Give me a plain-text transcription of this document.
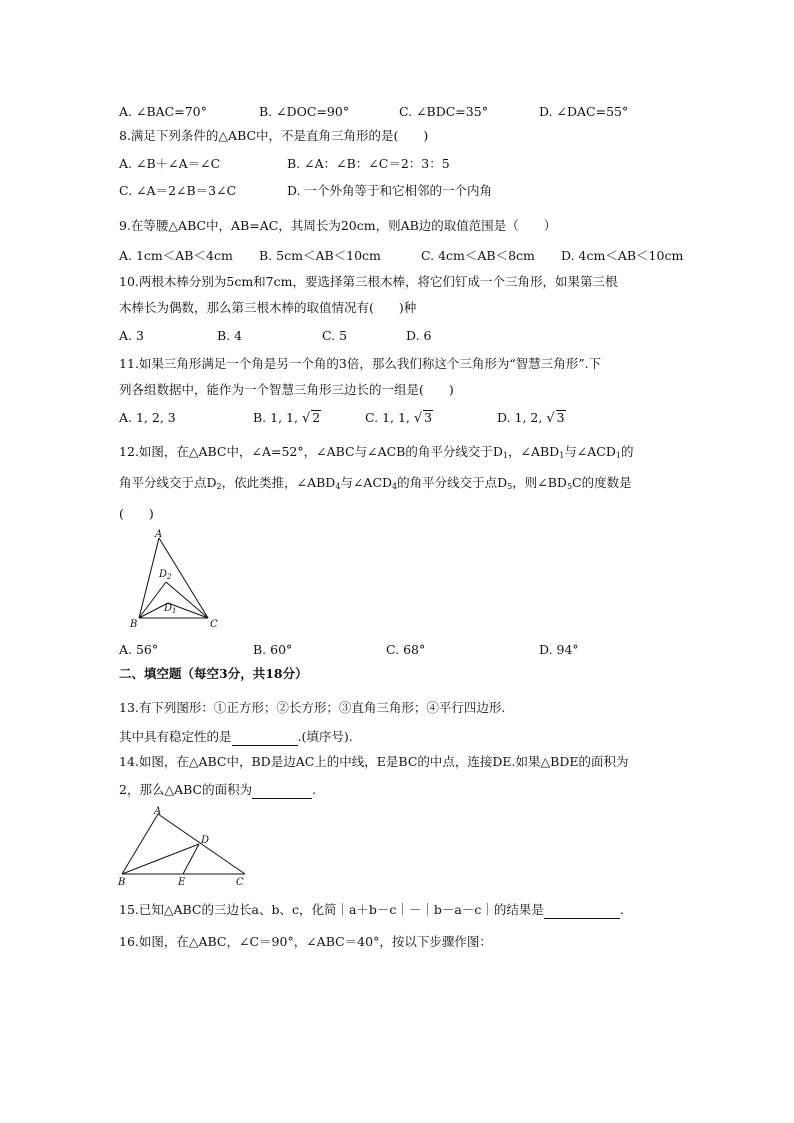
A. ∠BAC=70°	B. ∠DOC=90°	C. ∠BDC=35°	D. ∠DAC=55°
8.满足下列条件的△ABC中，不是直角三角形的是(　　)
A. ∠B＋∠A＝∠C	B. ∠A：∠B：∠C＝2：3：5
C. ∠A＝2∠B＝3∠C	D. 一个外角等于和它相邻的一个内角
9.在等腰△ABC中，AB=AC，其周长为20cm，则AB边的取值范围是（　　）
A. 1cm＜AB＜4cm B. 5cm＜AB＜10cm	C. 4cm＜AB＜8cm D. 4cm＜AB＜10cm
10.两根木棒分别为5cm和7cm，要选择第三根木棒，将它们钉成一个三角形，如果第三根
木棒长为偶数，那么第三根木棒的取值情况有(　　)种
A. 3	B. 4	C. 5	D. 6
11.如果三角形满足一个角是另一个角的3倍，那么我们称这个三角形为“智慧三角形”.下
列各组数据中，能作为一个智慧三角形三边长的一组是(　　)
A. 1, 2, 3	B. 1, 1, √ 2	C. 1, 1, √ 3	D. 1, 2, √ 3
12.如图，在△ABC中，∠A=52°，∠ABC与∠ACB的角平分线交于$D_1$，$\angle ABD_1$与$\angle ACD_1$的
角平分线交于点$D_2$，依此类推，$\angle ABD_4$与$\angle ACD_4$的角平分线交于点$D_5$，则$\angle BD_5C$的度数是
(　　)
A
B	C
$D_2$
$D_1$
A. 56°	B. 60°	C. 68°	D. 94°
二、填空题（每空3分，共18分）
13.有下列图形：①正方形；②长方形；③直角三角形；④平行四边形.
其中具有稳定性的是	.(填序号).
14.如图，在△ABC中，BD是边AC上的中线，E是BC的中点，连接DE.如果△BDE的面积为
2，那么△ABC的面积为	.
A
B	C
D
E
15.已知△ABC的三边长a、b、c，化简｜a＋b－c｜－｜b－a－c｜的结果是	.
16.如图，在△ABC，∠C＝90°，∠ABC＝40°，按以下步骤作图：
